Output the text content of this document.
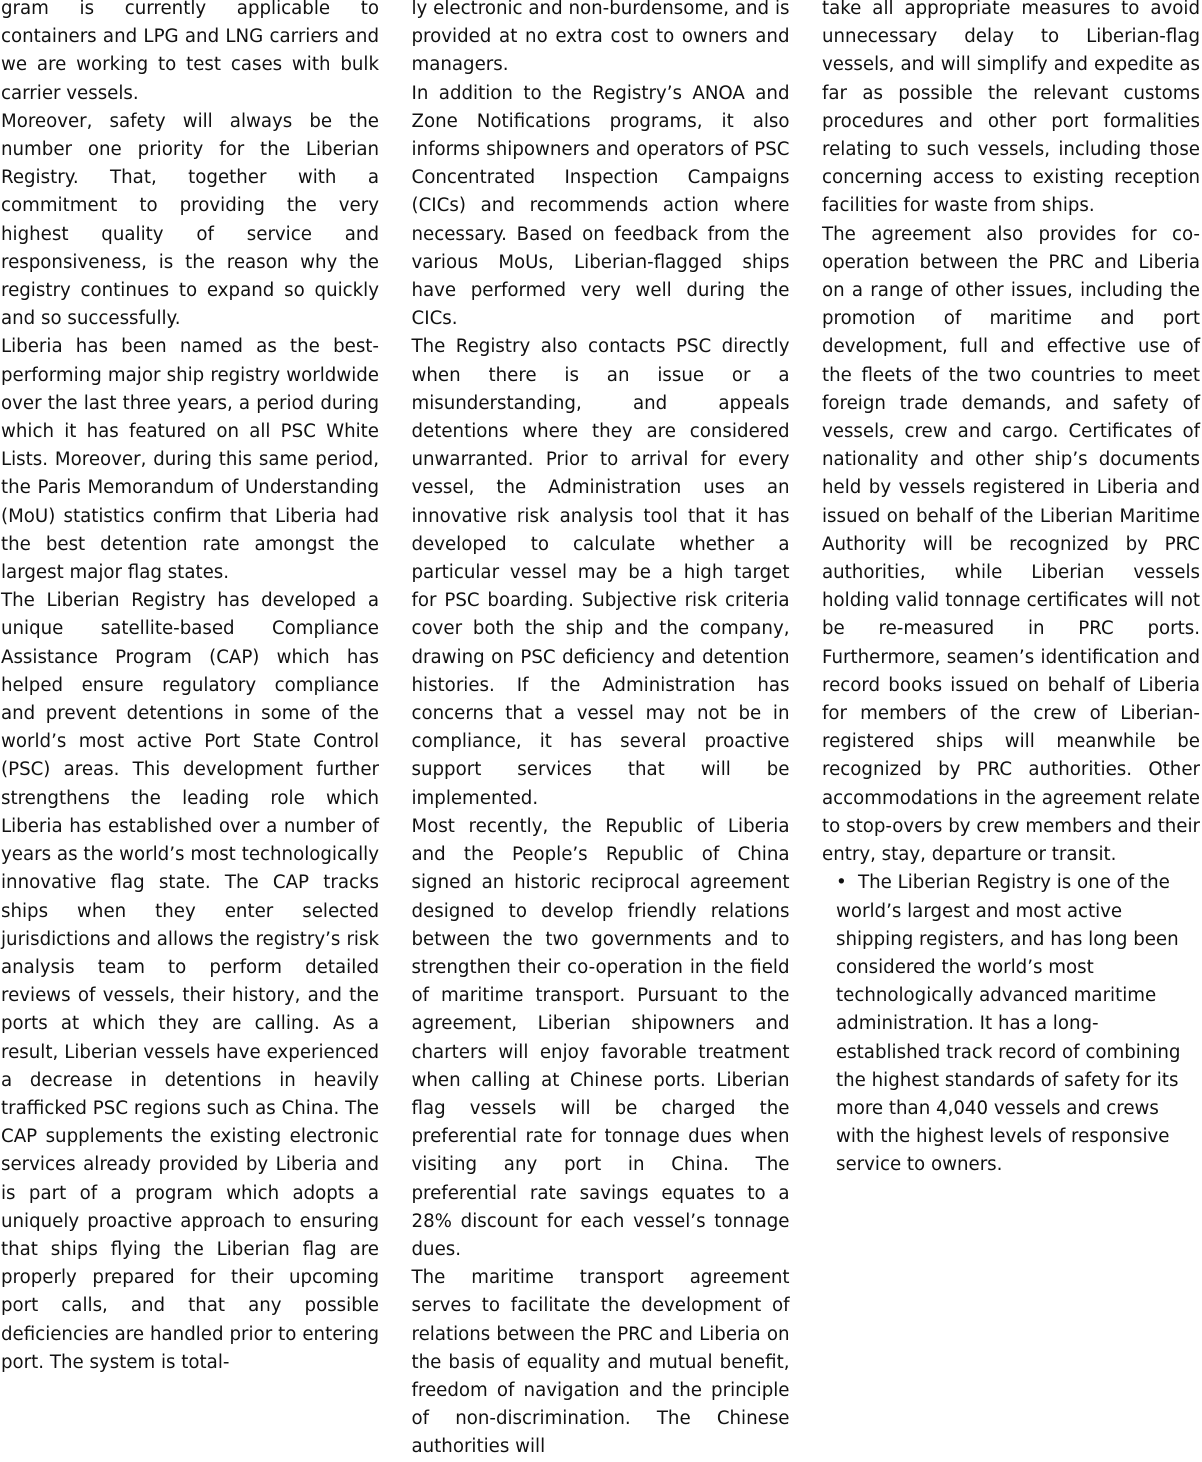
gram is currently applicable to containers and LPG and LNG carriers and we are working to test cases with bulk carrier vessels.

Moreover, safety will always be the number one priority for the Liberian Registry. That, together with a commitment to providing the very highest quality of service and responsiveness, is the reason why the registry continues to expand so quickly and so successfully.

Liberia has been named as the best-performing major ship registry worldwide over the last three years, a period during which it has featured on all PSC White Lists. Moreover, during this same period, the Paris Memorandum of Understanding (MoU) statistics confirm that Liberia had the best detention rate amongst the largest major flag states.

The Liberian Registry has developed a unique satellite-based Compliance Assistance Program (CAP) which has helped ensure regulatory compliance and prevent detentions in some of the world’s most active Port State Control (PSC) areas. This development further strengthens the leading role which Liberia has established over a number of years as the world’s most technologically innovative flag state. The CAP tracks ships when they enter selected jurisdictions and allows the registry’s risk analysis team to perform detailed reviews of vessels, their history, and the ports at which they are calling. As a result, Liberian vessels have experienced a decrease in detentions in heavily trafficked PSC regions such as China. The CAP supplements the existing electronic services already provided by Liberia and is part of a program which adopts a uniquely proactive approach to ensuring that ships flying the Liberian flag are properly prepared for their upcoming port calls, and that any possible deficiencies are handled prior to entering port. The system is total-

ly electronic and non-burdensome, and is provided at no extra cost to owners and managers.

In addition to the Registry’s ANOA and Zone Notifications programs, it also informs shipowners and operators of PSC Concentrated Inspection Campaigns (CICs) and recommends action where necessary. Based on feedback from the various MoUs, Liberian-flagged ships have performed very well during the CICs.

The Registry also contacts PSC directly when there is an issue or a misunderstanding, and appeals detentions where they are considered unwarranted. Prior to arrival for every vessel, the Administration uses an innovative risk analysis tool that it has developed to calculate whether a particular vessel may be a high target for PSC boarding. Subjective risk criteria cover both the ship and the company, drawing on PSC deficiency and detention histories. If the Administration has concerns that a vessel may not be in compliance, it has several proactive support services that will be implemented.

Most recently, the Republic of Liberia and the People’s Republic of China signed an historic reciprocal agreement designed to develop friendly relations between the two governments and to strengthen their co-operation in the field of maritime transport. Pursuant to the agreement, Liberian shipowners and charters will enjoy favorable treatment when calling at Chinese ports. Liberian flag vessels will be charged the preferential rate for tonnage dues when visiting any port in China. The preferential rate savings equates to a 28% discount for each vessel’s tonnage dues.

The maritime transport agreement serves to facilitate the development of relations between the PRC and Liberia on the basis of equality and mutual benefit, freedom of navigation and the principle of non-discrimination. The Chinese authorities will

take all appropriate measures to avoid unnecessary delay to Liberian-flag vessels, and will simplify and expedite as far as possible the relevant customs procedures and other port formalities relating to such vessels, including those concerning access to existing reception facilities for waste from ships.

The agreement also provides for co-operation between the PRC and Liberia on a range of other issues, including the promotion of maritime and port development, full and effective use of the fleets of the two countries to meet foreign trade demands, and safety of vessels, crew and cargo. Certificates of nationality and other ship’s documents held by vessels registered in Liberia and issued on behalf of the Liberian Maritime Authority will be recognized by PRC authorities, while Liberian vessels holding valid tonnage certificates will not be re-measured in PRC ports. Furthermore, seamen’s identification and record books issued on behalf of Liberia for members of the crew of Liberian-registered ships will meanwhile be recognized by PRC authorities. Other accommodations in the agreement relate to stop-overs by crew members and their entry, stay, departure or transit.

• The Liberian Registry is one of the world’s largest and most active shipping registers, and has long been considered the world’s most technologically advanced maritime administration. It has a long-established track record of combining the highest standards of safety for its more than 4,040 vessels and crews with the highest levels of responsive service to owners.
